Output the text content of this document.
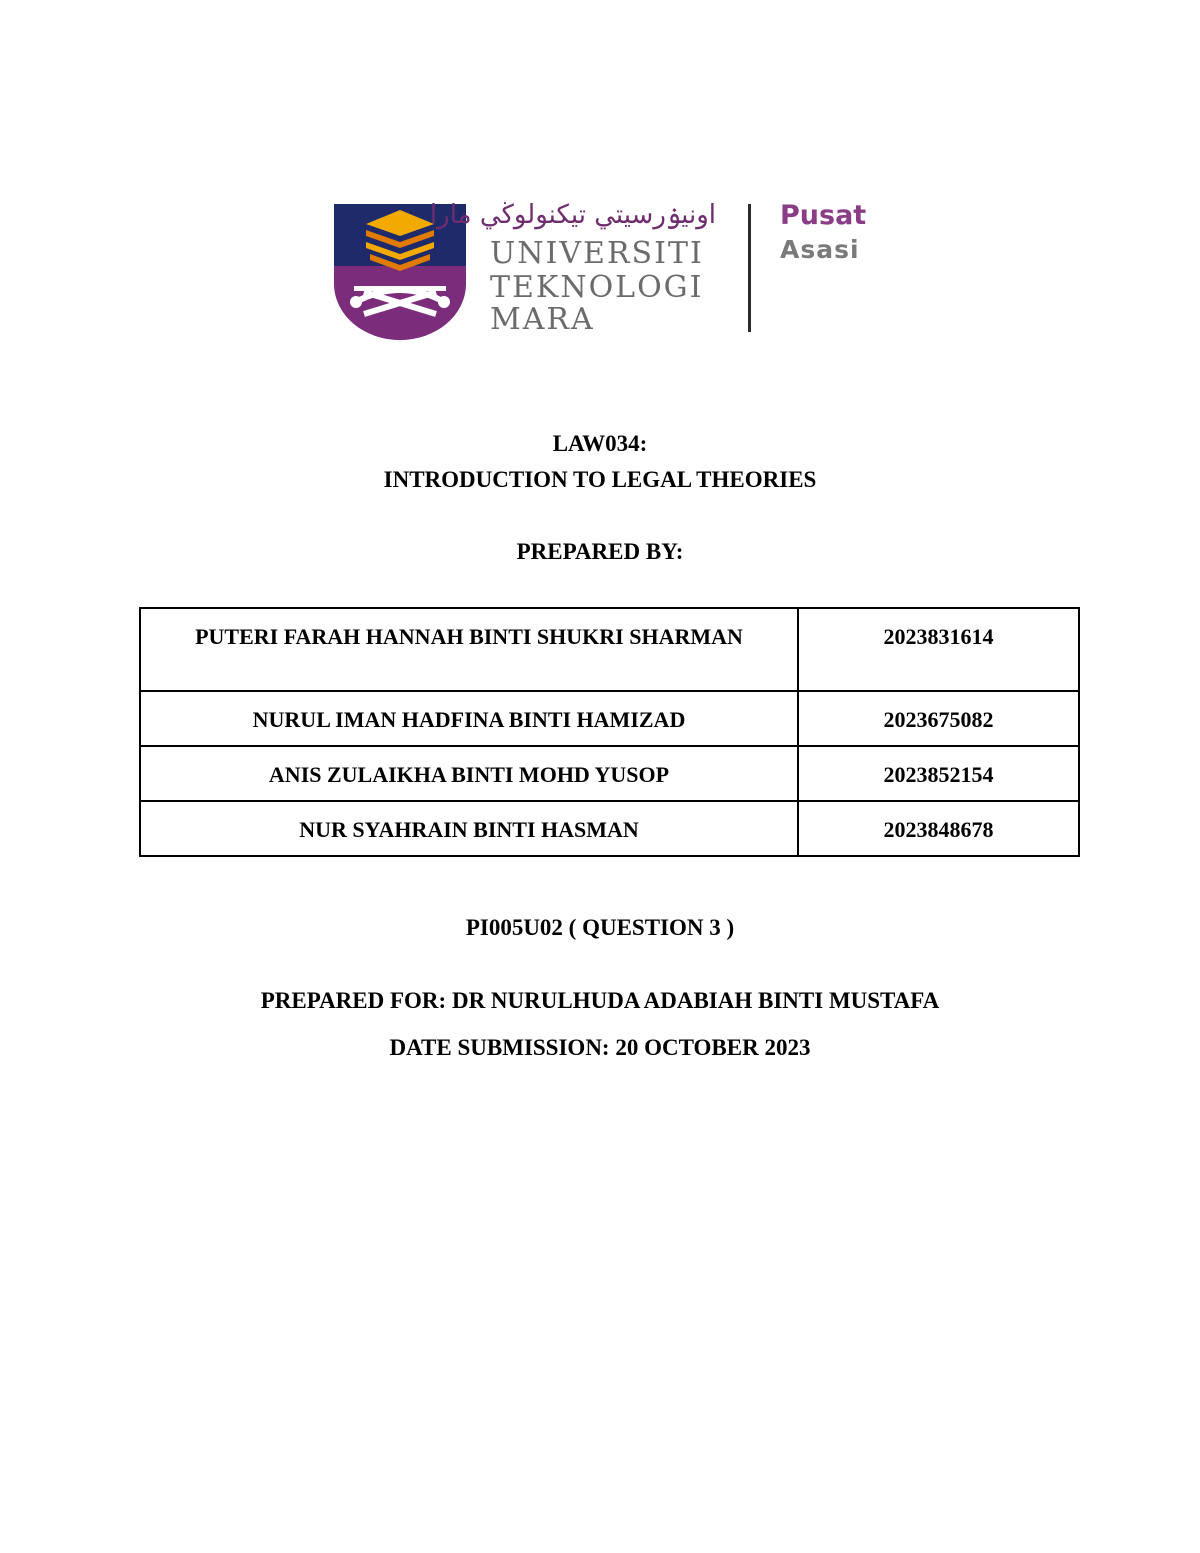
اونيۏرسيتي تيكنولوڬي مارا
UNIVERSITI
TEKNOLOGI
MARA
Pusat
Asasi
LAW034:
INTRODUCTION TO LEGAL THEORIES
PREPARED BY:
PUTERI FARAH HANNAH BINTI SHUKRI SHARMAN	2023831614
NURUL IMAN HADFINA BINTI HAMIZAD	2023675082
ANIS ZULAIKHA BINTI MOHD YUSOP	2023852154
NUR SYAHRAIN BINTI HASMAN	2023848678
PI005U02 ( QUESTION 3 )
PREPARED FOR: DR NURULHUDA ADABIAH BINTI MUSTAFA
DATE SUBMISSION: 20 OCTOBER 2023
